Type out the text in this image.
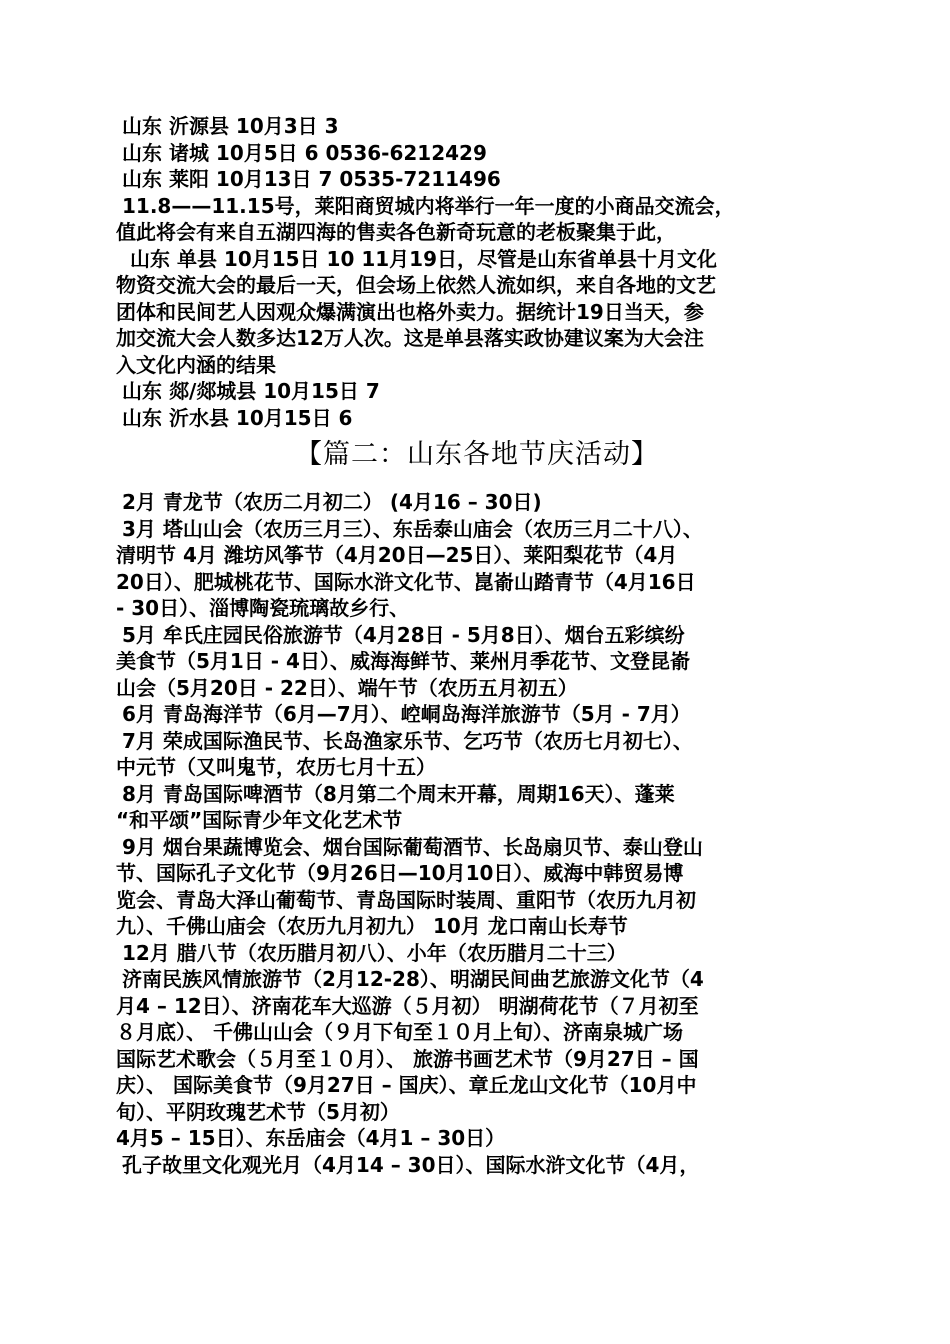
山东 沂源县 10月3日 3
山东 诸城 10月5日 6 0536-6212429
山东 莱阳 10月13日 7 0535-7211496
11.8——11.15号，莱阳商贸城内将举行一年一度的小商品交流会，
值此将会有来自五湖四海的售卖各色新奇玩意的老板聚集于此，
山东 单县 10月15日 10 11月19日，尽管是山东省单县十月文化
物资交流大会的最后一天，但会场上依然人流如织，来自各地的文艺
团体和民间艺人因观众爆满演出也格外卖力。据统计19日当天，参
加交流大会人数多达12万人次。这是单县落实政协建议案为大会注
入文化内涵的结果
山东 郯/郯城县 10月15日 7
山东 沂水县 10月15日 6
【篇二：山东各地节庆活动】
2月 青龙节（农历二月初二） (4月16 – 30日)
3月 塔山山会（农历三月三）、东岳泰山庙会（农历三月二十八）、
清明节 4月 潍坊风筝节（4月20日—25日）、莱阳梨花节（4月
20日）、肥城桃花节、国际水浒文化节、崑嵛山踏青节（4月16日
- 30日）、淄博陶瓷琉璃故乡行、
5月 牟氏庄园民俗旅游节（4月28日 - 5月8日）、烟台五彩缤纷
美食节（5月1日 - 4日）、威海海鲜节、莱州月季花节、文登昆嵛
山会（5月20日 - 22日）、端午节（农历五月初五）
6月 青岛海洋节（6月—7月）、崆峒岛海洋旅游节（5月 - 7月）
7月 荣成国际渔民节、长岛渔家乐节、乞巧节（农历七月初七）、
中元节（又叫鬼节，农历七月十五）
8月 青岛国际啤酒节（8月第二个周末开幕，周期16天）、蓬莱
“和平颂”国际青少年文化艺术节
9月 烟台果蔬博览会、烟台国际葡萄酒节、长岛扇贝节、泰山登山
节、国际孔子文化节（9月26日—10月10日）、威海中韩贸易博
览会、青岛大泽山葡萄节、青岛国际时装周、重阳节（农历九月初
九）、千佛山庙会（农历九月初九） 10月 龙口南山长寿节
12月 腊八节（农历腊月初八）、小年（农历腊月二十三）
济南民族风情旅游节（2月12-28）、明湖民间曲艺旅游文化节（4
月4 – 12日）、济南花车大巡游（５月初） 明湖荷花节（７月初至
８月底）、 千佛山山会（９月下旬至１０月上旬）、济南泉城广场
国际艺术歌会（５月至１０月）、 旅游书画艺术节（9月27日 – 国
庆）、 国际美食节（9月27日 – 国庆）、章丘龙山文化节（10月中
旬）、平阴玫瑰艺术节（5月初）
4月5 – 15日）、东岳庙会（4月1 – 30日）
孔子故里文化观光月（4月14 – 30日）、国际水浒文化节（4月，
